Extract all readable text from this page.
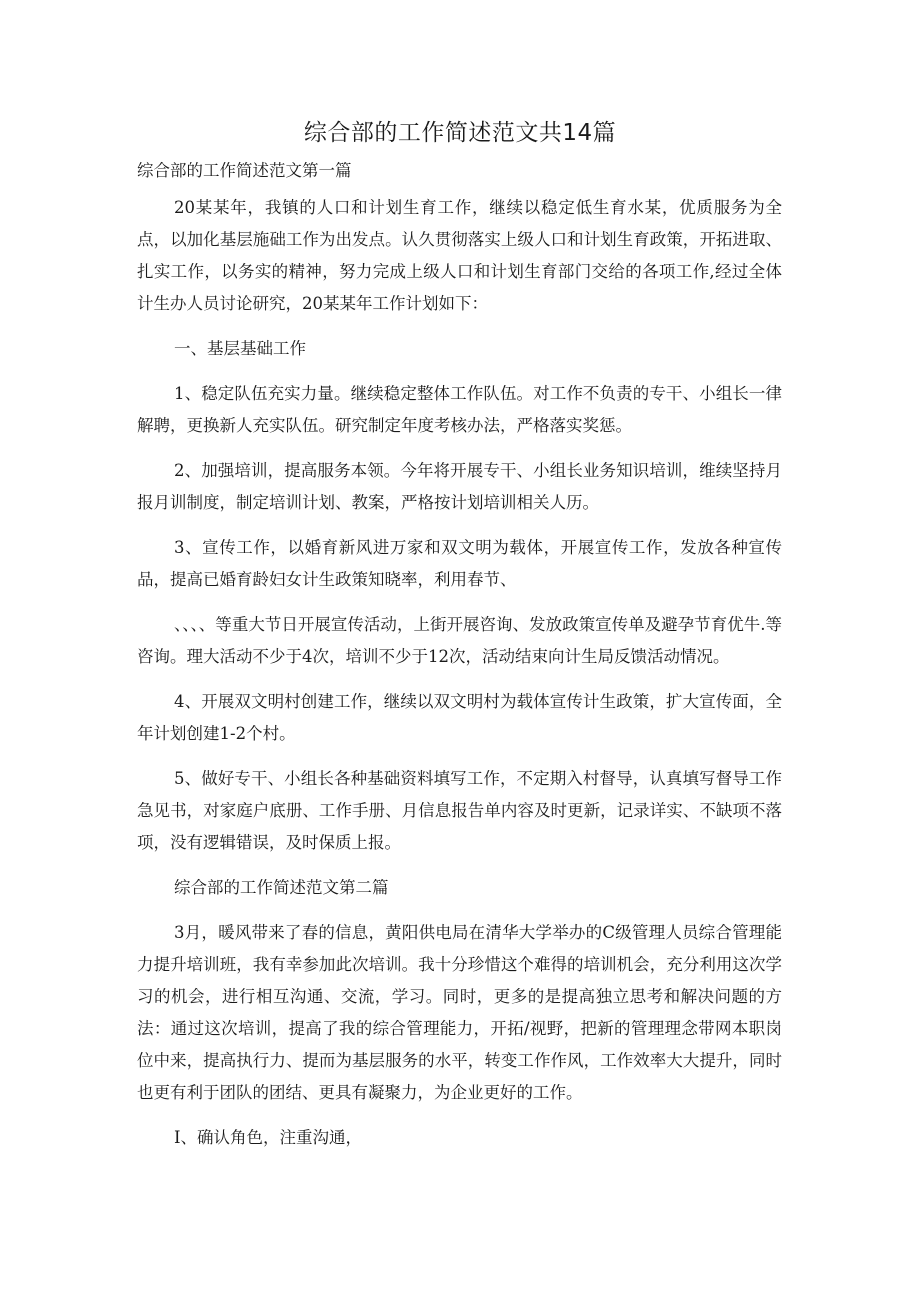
综合部的工作简述范文共14篇

综合部的工作简述范文第一篇

20某某年，我镇的人口和计划生育工作，继续以稳定低生育水某，优质服务为全点，以加化基层施础工作为出发点。认久贯彻落实上级人口和计划生育政策，开拓进取、扎实工作，以务实的精神，努力完成上级人口和计划生育部门交给的各项工作,经过全体计生办人员讨论研究，20某某年工作计划如下：

一、基层基础工作

1、稳定队伍充实力量。继续稳定整体工作队伍。对工作不负责的专干、小组长一律解聘，更换新人充实队伍。研究制定年度考核办法，严格落实奖惩。

2、加强培训，提高服务本领。今年将开展专干、小组长业务知识培训，维续坚持月报月训制度，制定培训计划、教案，严格按计划培训相关人历。

3、宣传工作，以婚育新风进万家和双文明为载体，开展宣传工作，发放各种宣传品，提高已婚育龄妇女计生政策知晓率，利用春节、

、、、、等重大节日开展宣传活动，上街开展咨询、发放政策宣传单及避孕节育优牛.等咨询。理大活动不少于4次，培训不少于12次，活动结束向计生局反馈活动情况。

4、开展双文明村创建工作，继续以双文明村为载体宣传计生政策，扩大宣传面，全年计划创建1-2个村。

5、做好专干、小组长各种基础资料填写工作，不定期入村督导，认真填写督导工作急见书，对家庭户底册、工作手册、月信息报告单内容及时更新，记录详实、不缺项不落项，没有逻辑错误，及时保质上报。

综合部的工作简述范文第二篇

3月，暖风带来了春的信息，黄阳供电局在清华大学举办的C级管理人员综合管理能力提升培训班，我有幸参加此次培训。我十分珍惜这个难得的培训机会，充分利用这次学习的机会，进行相互沟通、交流，学习。同时，更多的是提高独立思考和解决问题的方法：通过这次培训，提高了我的综合管理能力，开拓/视野，把新的管理理念带网本职岗位中来，提高执行力、提而为基层服务的水平，转变工作作风，工作效率大大提升，同时也更有利于团队的团结、更具有凝聚力，为企业更好的工作。

I、确认角色，注重沟通，
